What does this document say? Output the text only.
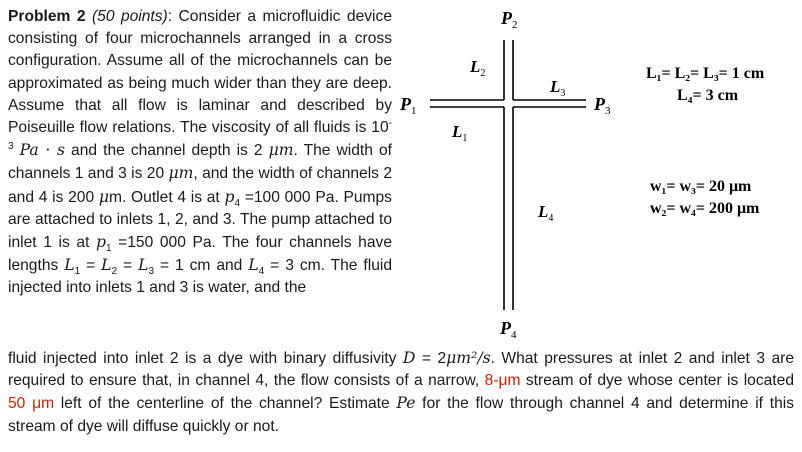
Problem 2 (50 points): Consider a microfluidic device consisting of four microchannels arranged in a cross configuration. Assume all of the microchannels can be approximated as being much wider than they are deep. Assume that all flow is laminar and described by Poiseuille flow relations. The viscosity of all fluids is $10^{-3}$ Pa · s and the channel depth is 2 μm. The width of channels 1 and 3 is 20 μm, and the width of channels 2 and 4 is 200 μm. Outlet 4 is at $p_4 =100$ 000 Pa. Pumps are attached to inlets 1, 2, and 3. The pump attached to inlet 1 is at $p_1 =150$ 000 Pa. The four channels have lengths $L_1 = L_2 = L_3 = 1$ cm and $L_4 = 3$ cm. The fluid injected into inlets 1 and 3 is water, and the

fluid injected into inlet 2 is a dye with binary diffusivity D = 2μm²/s. What pressures at inlet 2 and inlet 3 are required to ensure that, in channel 4, the flow consists of a narrow, 8-μm stream of dye whose center is located 50 μm left of the centerline of the channel? Estimate Pe for the flow through channel 4 and determine if this stream of dye will diffuse quickly or not.

$P_2$
$P_1$	$P_3$
$P_4$
$L_1$
$L_2$
$L_3$
$L_4$
L₁= L₂= L₃= 1 cm
L₄= 3 cm
w₁= w₃= 20 μm
w₂= w₄= 200 μm
